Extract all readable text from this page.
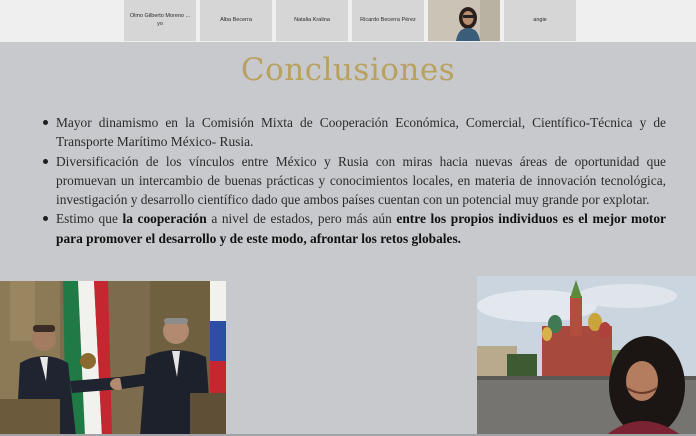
Olmo Gilberto Moreno ...
yo
Alba Becerra	Natalia Kralina	Ricardo Becerra Pérez	angie
Conclusiones
Mayor dinamismo en la Comisión Mixta de Cooperación Económica, Comercial, Científico-Técnica y de Transporte Marítimo México- Rusia.
Diversificación de los vínculos entre México y Rusia con miras hacia nuevas áreas de oportunidad que promuevan un intercambio de buenas prácticas y conocimientos locales, en materia de innovación tecnológica, investigación y desarrollo científico dado que ambos países cuentan con un potencial muy grande por explotar.
Estimo que la cooperación a nivel de estados, pero más aún entre los propios individuos es el mejor motor para promover el desarrollo y de este modo, afrontar los retos globales.
